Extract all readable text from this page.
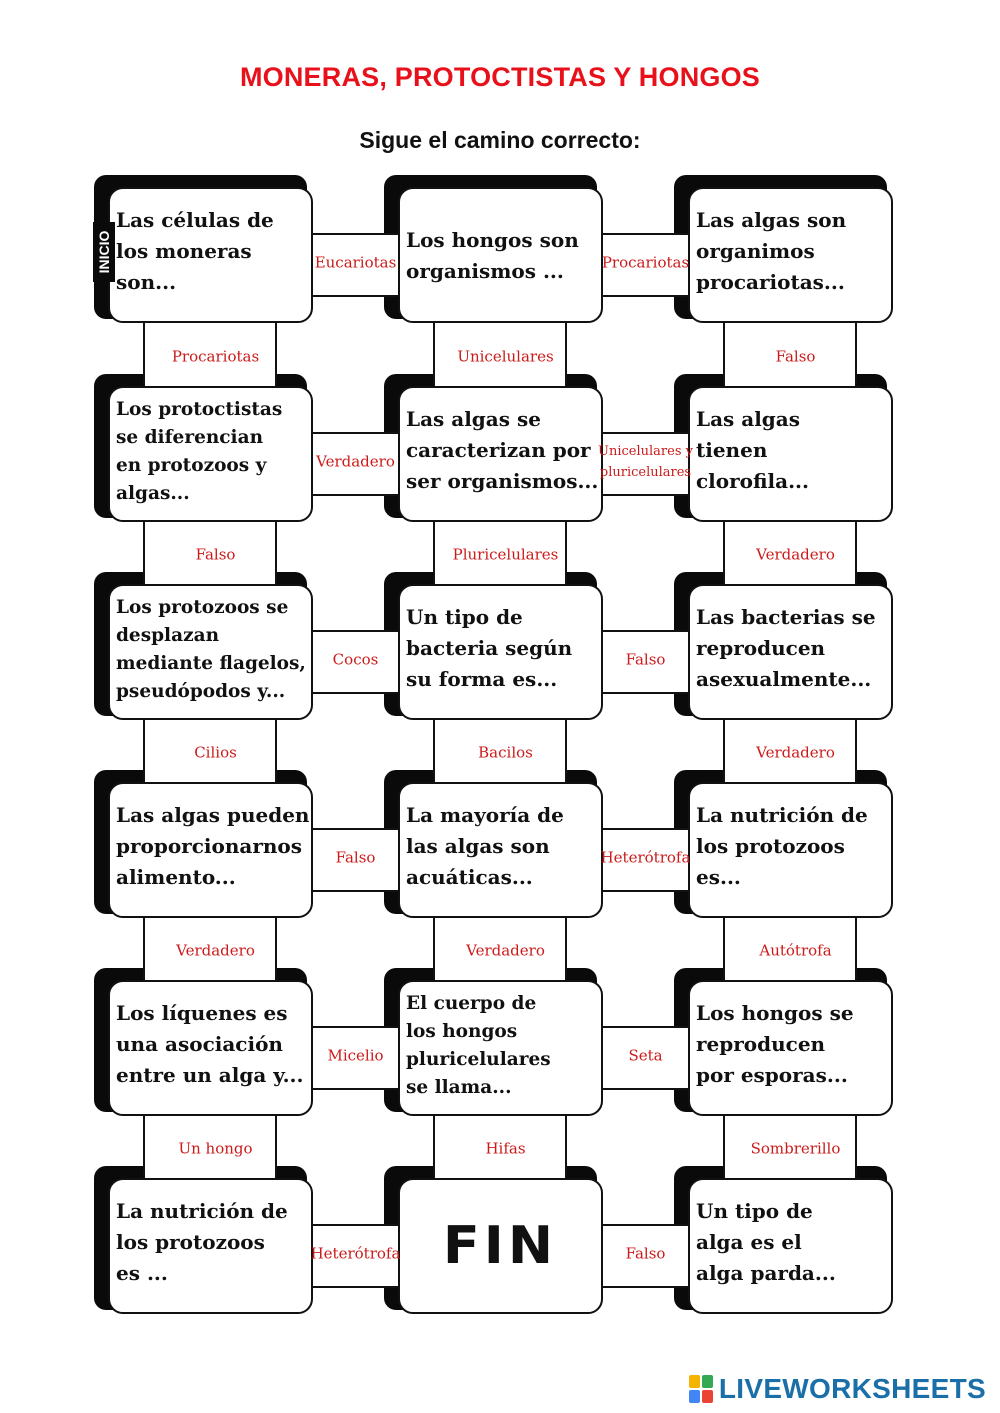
MONERAS, PROTOCTISTAS Y HONGOS
Sigue el camino correcto:
Las células de
los moneras
son...
Los hongos son
organismos ...
Las algas son
organimos
procariotas...
Los protoctistas
se diferencian
en protozoos y
algas...
Las algas se
caracterizan por
ser organismos...
Las algas
tienen
clorofila...
Los protozoos se
desplazan
mediante flagelos,
pseudópodos y...
Un tipo de
bacteria según
su forma es...
Las bacterias se
reproducen
asexualmente...
Las algas pueden
proporcionarnos
alimento...
La mayoría de
las algas son
acuáticas...
La nutrición de
los protozoos
es...
Los líquenes es
una asociación
entre un alga y...
El cuerpo de
los hongos
pluricelulares
se llama...
Los hongos se
reproducen
por esporas...
La nutrición de
los protozoos
es ...
Un tipo de
alga es el
alga parda...
FIN
Eucariotas	Procariotas
Verdadero
Unicelulares y
pluricelulares
Cocos	Falso
Falso	Heterótrofa
Micelio	Seta
Heterótrofa	Falso
Procariotas	Unicelulares	Falso
Falso	Pluricelulares	Verdadero
Cilios	Bacilos	Verdadero
Verdadero	Verdadero	Autótrofa
Un hongo	Hifas	Sombrerillo
INICIO
LIVEWORKSHEETS
